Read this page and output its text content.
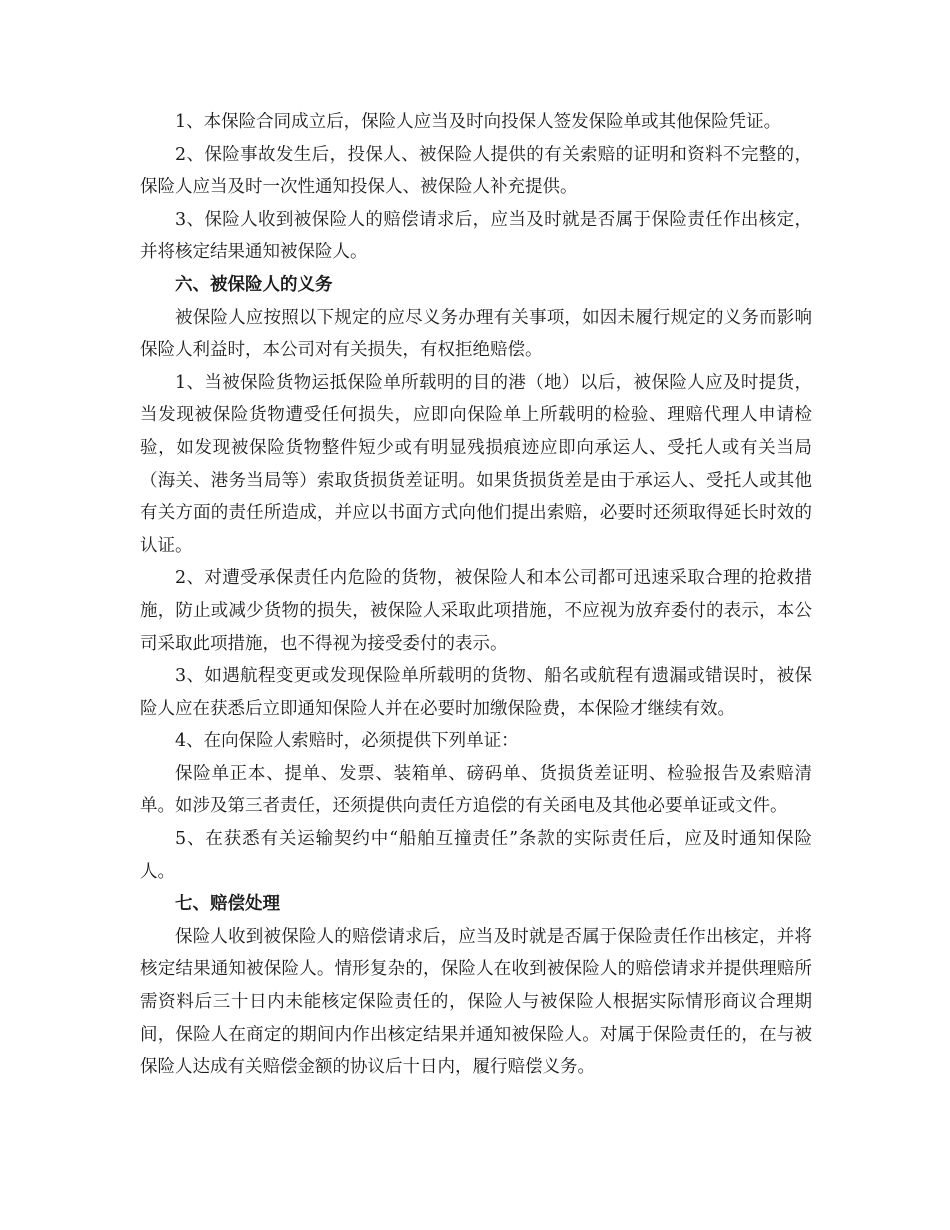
1、本保险合同成立后，保险人应当及时向投保人签发保险单或其他保险凭证。

2、保险事故发生后，投保人、被保险人提供的有关索赔的证明和资料不完整的，保险人应当及时一次性通知投保人、被保险人补充提供。

3、保险人收到被保险人的赔偿请求后，应当及时就是否属于保险责任作出核定，并将核定结果通知被保险人。

六、被保险人的义务

被保险人应按照以下规定的应尽义务办理有关事项，如因未履行规定的义务而影响保险人利益时，本公司对有关损失，有权拒绝赔偿。

1、当被保险货物运抵保险单所载明的目的港（地）以后，被保险人应及时提货，当发现被保险货物遭受任何损失，应即向保险单上所载明的检验、理赔代理人申请检验，如发现被保险货物整件短少或有明显残损痕迹应即向承运人、受托人或有关当局（海关、港务当局等）索取货损货差证明。如果货损货差是由于承运人、受托人或其他有关方面的责任所造成，并应以书面方式向他们提出索赔，必要时还须取得延长时效的认证。

2、对遭受承保责任内危险的货物，被保险人和本公司都可迅速采取合理的抢救措施，防止或减少货物的损失，被保险人采取此项措施，不应视为放弃委付的表示，本公司采取此项措施，也不得视为接受委付的表示。

3、如遇航程变更或发现保险单所载明的货物、船名或航程有遗漏或错误时，被保险人应在获悉后立即通知保险人并在必要时加缴保险费，本保险才继续有效。

4、在向保险人索赔时，必须提供下列单证：

保险单正本、提单、发票、装箱单、磅码单、货损货差证明、检验报告及索赔清单。如涉及第三者责任，还须提供向责任方追偿的有关函电及其他必要单证或文件。

5、在获悉有关运输契约中“船舶互撞责任”条款的实际责任后，应及时通知保险人。

七、赔偿处理

保险人收到被保险人的赔偿请求后，应当及时就是否属于保险责任作出核定，并将核定结果通知被保险人。情形复杂的，保险人在收到被保险人的赔偿请求并提供理赔所需资料后三十日内未能核定保险责任的，保险人与被保险人根据实际情形商议合理期间，保险人在商定的期间内作出核定结果并通知被保险人。对属于保险责任的，在与被保险人达成有关赔偿金额的协议后十日内，履行赔偿义务。
